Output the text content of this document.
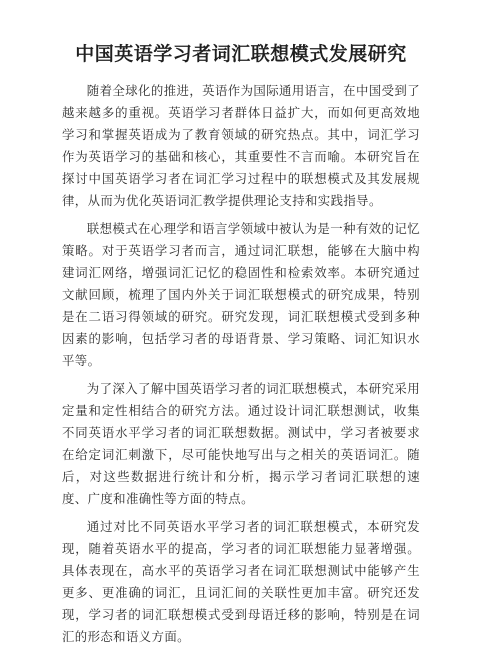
中国英语学习者词汇联想模式发展研究

随着全球化的推进，英语作为国际通用语言，在中国受到了越来越多的重视。英语学习者群体日益扩大，而如何更高效地学习和掌握英语成为了教育领域的研究热点。其中，词汇学习作为英语学习的基础和核心，其重要性不言而喻。本研究旨在探讨中国英语学习者在词汇学习过程中的联想模式及其发展规律，从而为优化英语词汇教学提供理论支持和实践指导。

联想模式在心理学和语言学领域中被认为是一种有效的记忆策略。对于英语学习者而言，通过词汇联想，能够在大脑中构建词汇网络，增强词汇记忆的稳固性和检索效率。本研究通过文献回顾，梳理了国内外关于词汇联想模式的研究成果，特别是在二语习得领域的研究。研究发现，词汇联想模式受到多种因素的影响，包括学习者的母语背景、学习策略、词汇知识水平等。

为了深入了解中国英语学习者的词汇联想模式，本研究采用定量和定性相结合的研究方法。通过设计词汇联想测试，收集不同英语水平学习者的词汇联想数据。测试中，学习者被要求在给定词汇刺激下，尽可能快地写出与之相关的英语词汇。随后，对这些数据进行统计和分析，揭示学习者词汇联想的速度、广度和准确性等方面的特点。

通过对比不同英语水平学习者的词汇联想模式，本研究发现，随着英语水平的提高，学习者的词汇联想能力显著增强。具体表现在，高水平的英语学习者在词汇联想测试中能够产生更多、更准确的词汇，且词汇间的关联性更加丰富。研究还发现，学习者的词汇联想模式受到母语迁移的影响，特别是在词汇的形态和语义方面。
